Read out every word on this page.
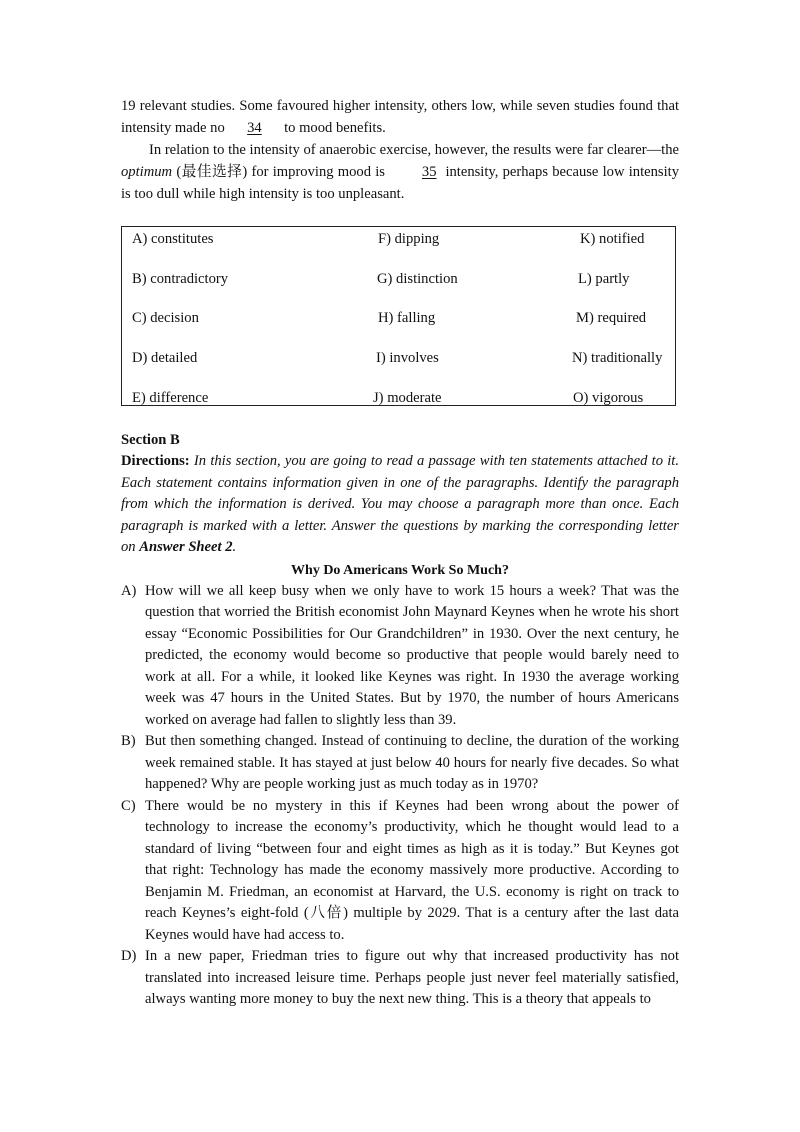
19 relevant studies. Some favoured higher intensity, others low, while seven studies found that intensity made no 34 to mood benefits.

In relation to the intensity of anaerobic exercise, however, the results were far clearer—the optimum (最佳选择) for improving mood is	35 intensity, perhaps because low intensity is too dull while high intensity is too unpleasant.

A) constitutes
B) contradictory
C) decision
D) detailed
E) difference
F) dipping
G) distinction
H) falling
I) involves
J) moderate
K) notified
L) partly
M) required
N) traditionally
O) vigorous
Section B
Directions: In this section, you are going to read a passage with ten statements attached to it. Each statement contains information given in one of the paragraphs. Identify the paragraph from which the information is derived. You may choose a paragraph more than once. Each paragraph is marked with a letter. Answer the questions by marking the corresponding letter on Answer Sheet 2.
Why Do Americans Work So Much?
A) How will we all keep busy when we only have to work 15 hours a week? That was the question that worried the British economist John Maynard Keynes when he wrote his short essay “Economic Possibilities for Our Grandchildren” in 1930. Over the next century, he predicted, the economy would become so productive that people would barely need to work at all. For a while, it looked like Keynes was right. In 1930 the average working week was 47 hours in the United States. But by 1970, the number of hours Americans worked on average had fallen to slightly less than 39.
B) But then something changed. Instead of continuing to decline, the duration of the working week remained stable. It has stayed at just below 40 hours for nearly five decades. So what happened? Why are people working just as much today as in 1970?
C) There would be no mystery in this if Keynes had been wrong about the power of technology to increase the economy’s productivity, which he thought would lead to a standard of living “between four and eight times as high as it is today.” But Keynes got that right: Technology has made the economy massively more productive. According to Benjamin M. Friedman, an economist at Harvard, the U.S. economy is right on track to reach Keynes’s eight-fold (八倍) multiple by 2029. That is a century after the last data Keynes would have had access to.
D) In a new paper, Friedman tries to figure out why that increased productivity has not translated into increased leisure time. Perhaps people just never feel materially satisfied, always wanting more money to buy the next new thing. This is a theory that appeals to
